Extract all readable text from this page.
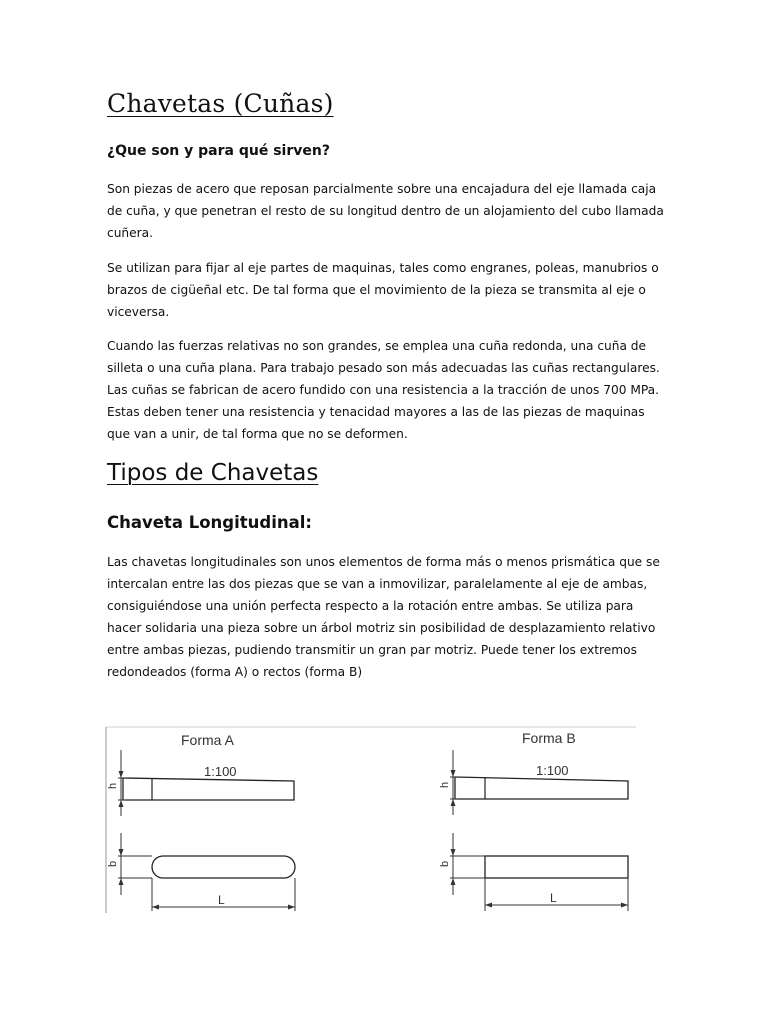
Chavetas (Cuñas)
¿Que son y para qué sirven?

Son piezas de acero que reposan parcialmente sobre una encajadura del eje llamada caja de cuña, y que penetran el resto de su longitud dentro de un alojamiento del cubo llamada cuñera.

Se utilizan para fijar al eje partes de maquinas, tales como engranes, poleas, manubrios o brazos de cigüeñal etc. De tal forma que el movimiento de la pieza se transmita al eje o viceversa.

Cuando las fuerzas relativas no son grandes, se emplea una cuña redonda, una cuña de silleta o una cuña plana. Para trabajo pesado son más adecuadas las cuñas rectangulares. Las cuñas se fabrican de acero fundido con una resistencia a la tracción de unos 700 MPa. Estas deben tener una resistencia y tenacidad mayores a las de las piezas de maquinas que van a unir, de tal forma que no se deformen.

Tipos de Chavetas
Chaveta Longitudinal:

Las chavetas longitudinales son unos elementos de forma más o menos prismática que se intercalan entre las dos piezas que se van a inmovilizar, paralelamente al eje de ambas, consiguiéndose una unión perfecta respecto a la rotación entre ambas. Se utiliza para hacer solidaria una pieza sobre un árbol motriz sin posibilidad de desplazamiento relativo entre ambas piezas, pudiendo transmitir un gran par motriz. Puede tener los extremos redondeados (forma A) o rectos (forma B)

Forma A
1:100
h
b
L
Forma B
1:100
h
b
L
